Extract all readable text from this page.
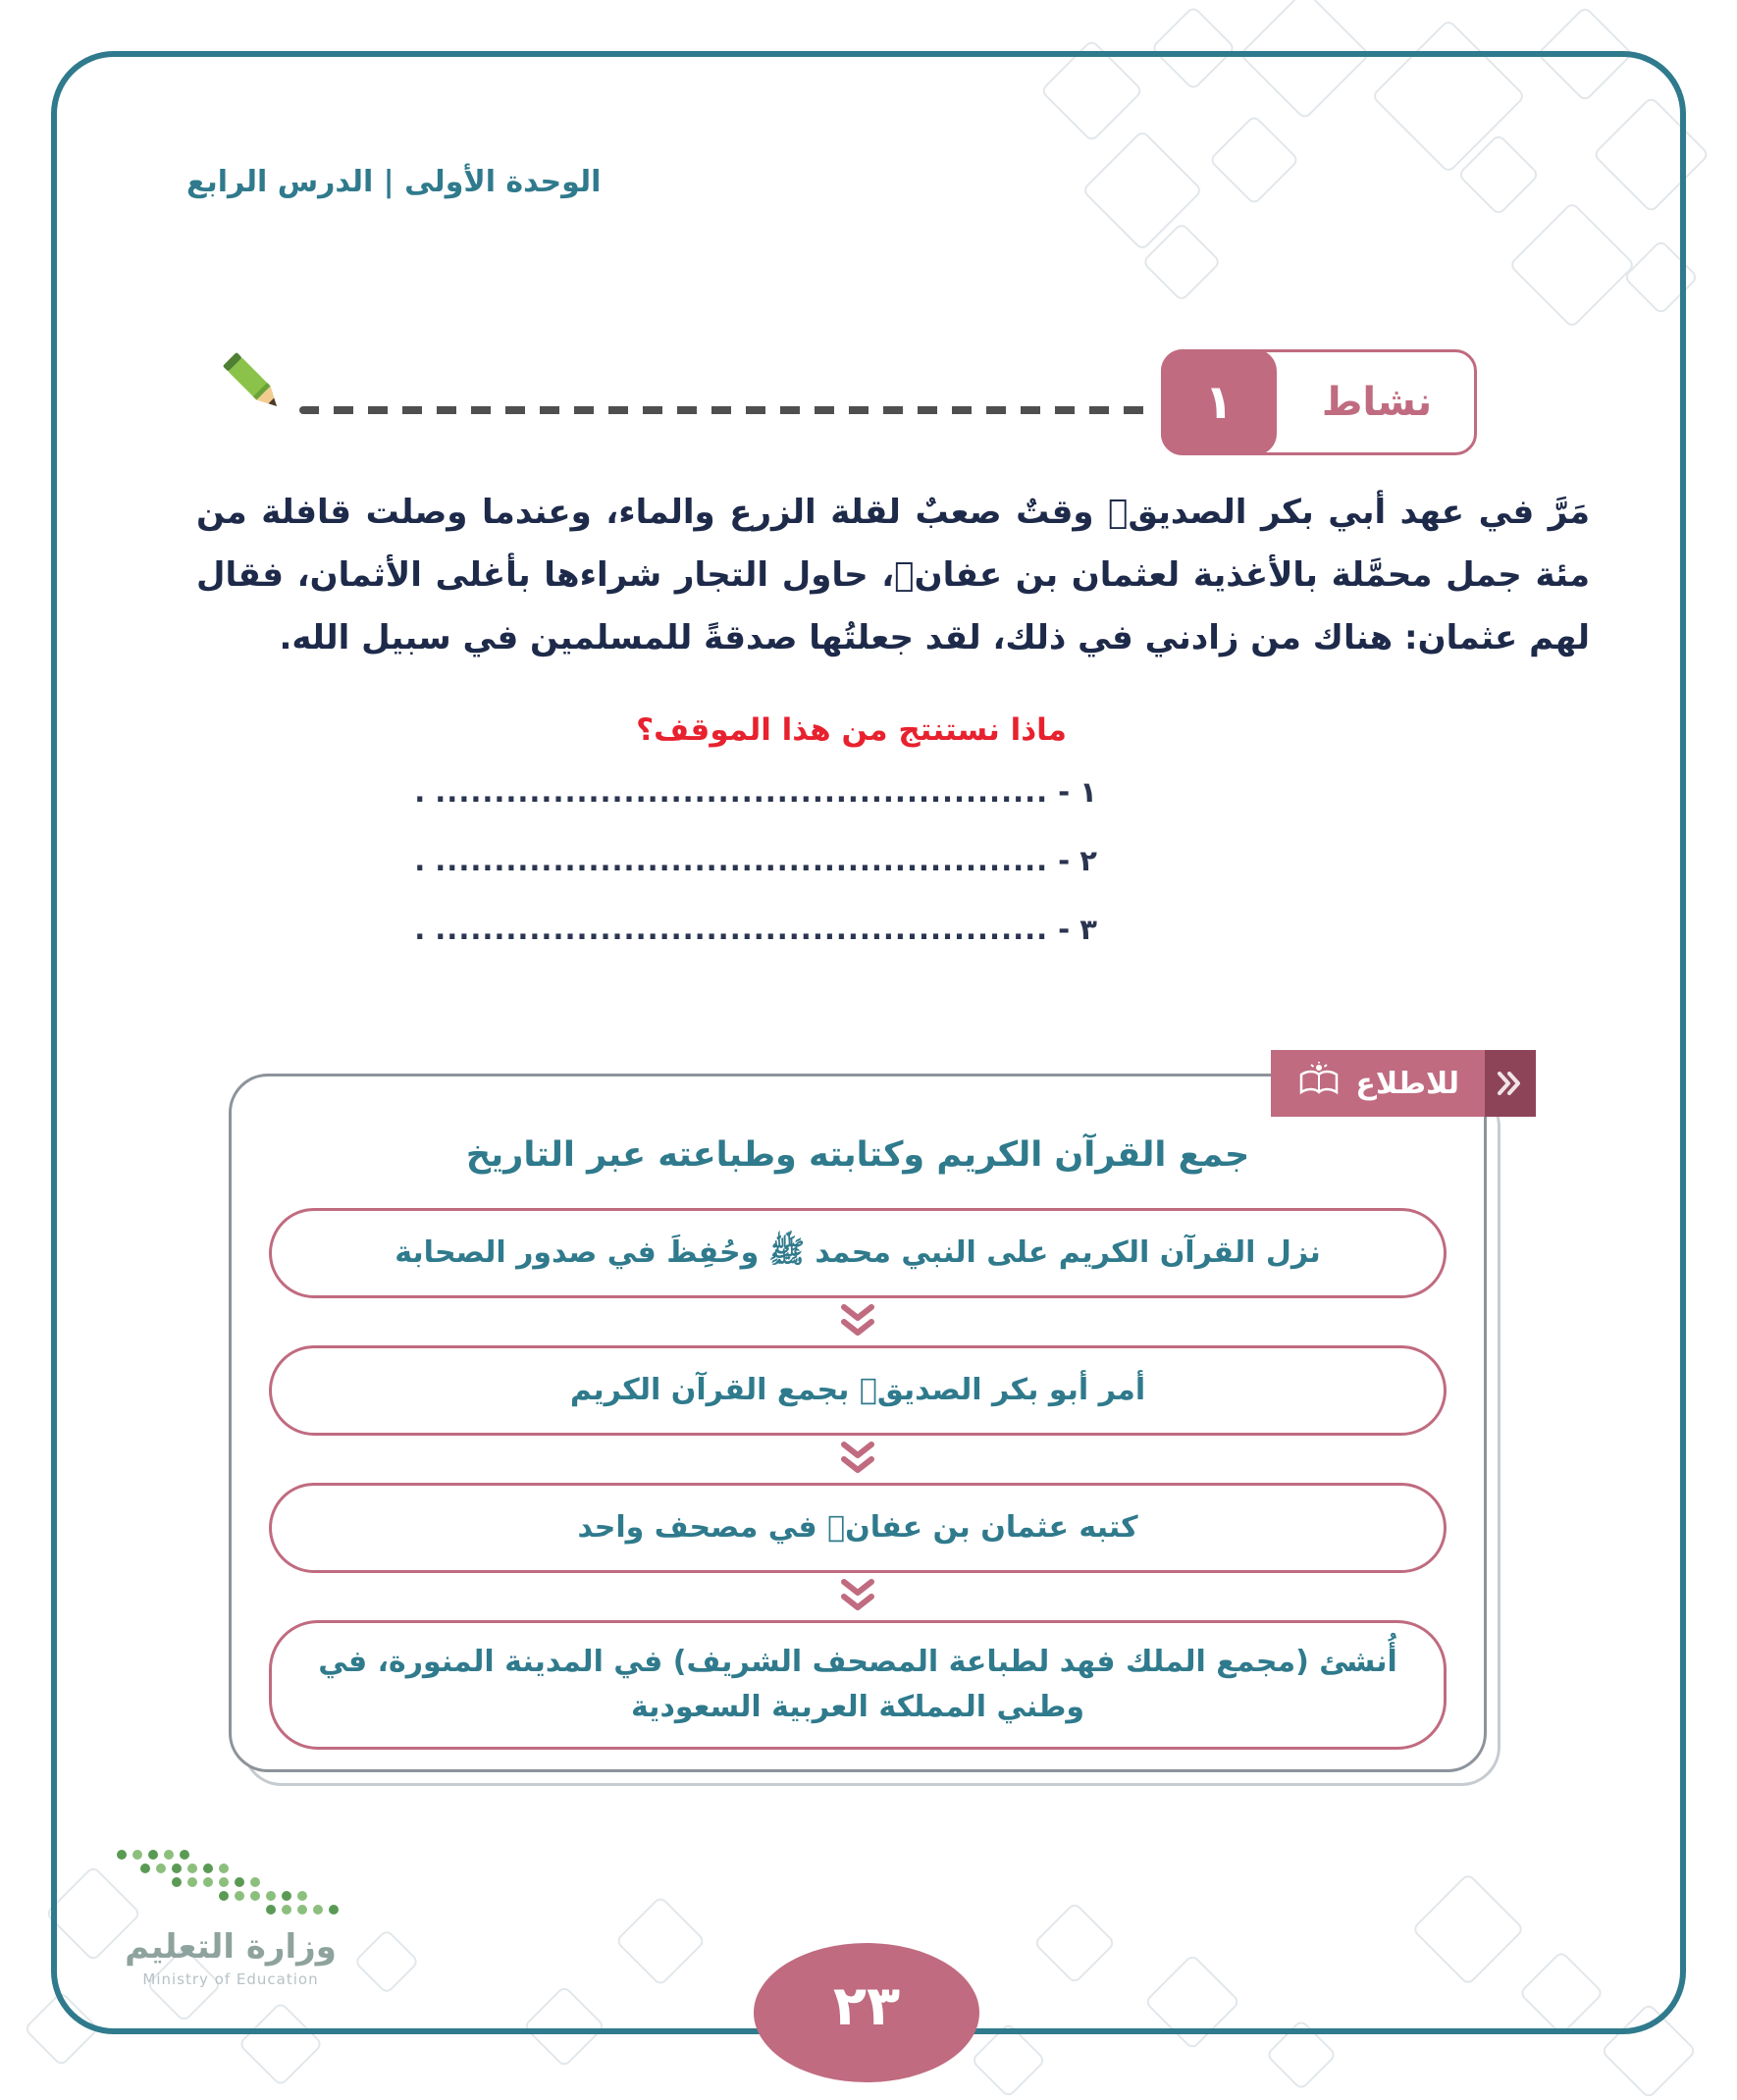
الوحدة الأولى | الدرس الرابع
١	نشاط
مَرَّ في عهد أبي بكر الصديقؓ وقتٌ صعبٌ لقلة الزرع والماء، وعندما وصلت قافلة من مئة جمل محمَّلة بالأغذية لعثمان بن عفانؓ، حاول التجار شراءها بأغلى الأثمان، فقال لهم عثمان: هناك من زادني في ذلك، لقد جعلتُها صدقةً للمسلمين في سبيل الله.
ماذا نستنتج من هذا الموقف؟
١ -
....................................................
.
٢ -
....................................................
.
٣ -
....................................................
.
جمع القرآن الكريم وكتابته وطباعته عبر التاريخ
نزل القرآن الكريم على النبي محمد ﷺ وحُفِظَ في صدور الصحابة
أمر أبو بكر الصديقؓ بجمع القرآن الكريم
كتبه عثمان بن عفانؓ في مصحف واحد
أُنشئ (مجمع الملك فهد لطباعة المصحف الشريف) في المدينة المنورة، في وطني المملكة العربية السعودية
للاطلاع
٢٣
وزارة التعليم
Ministry of Education
